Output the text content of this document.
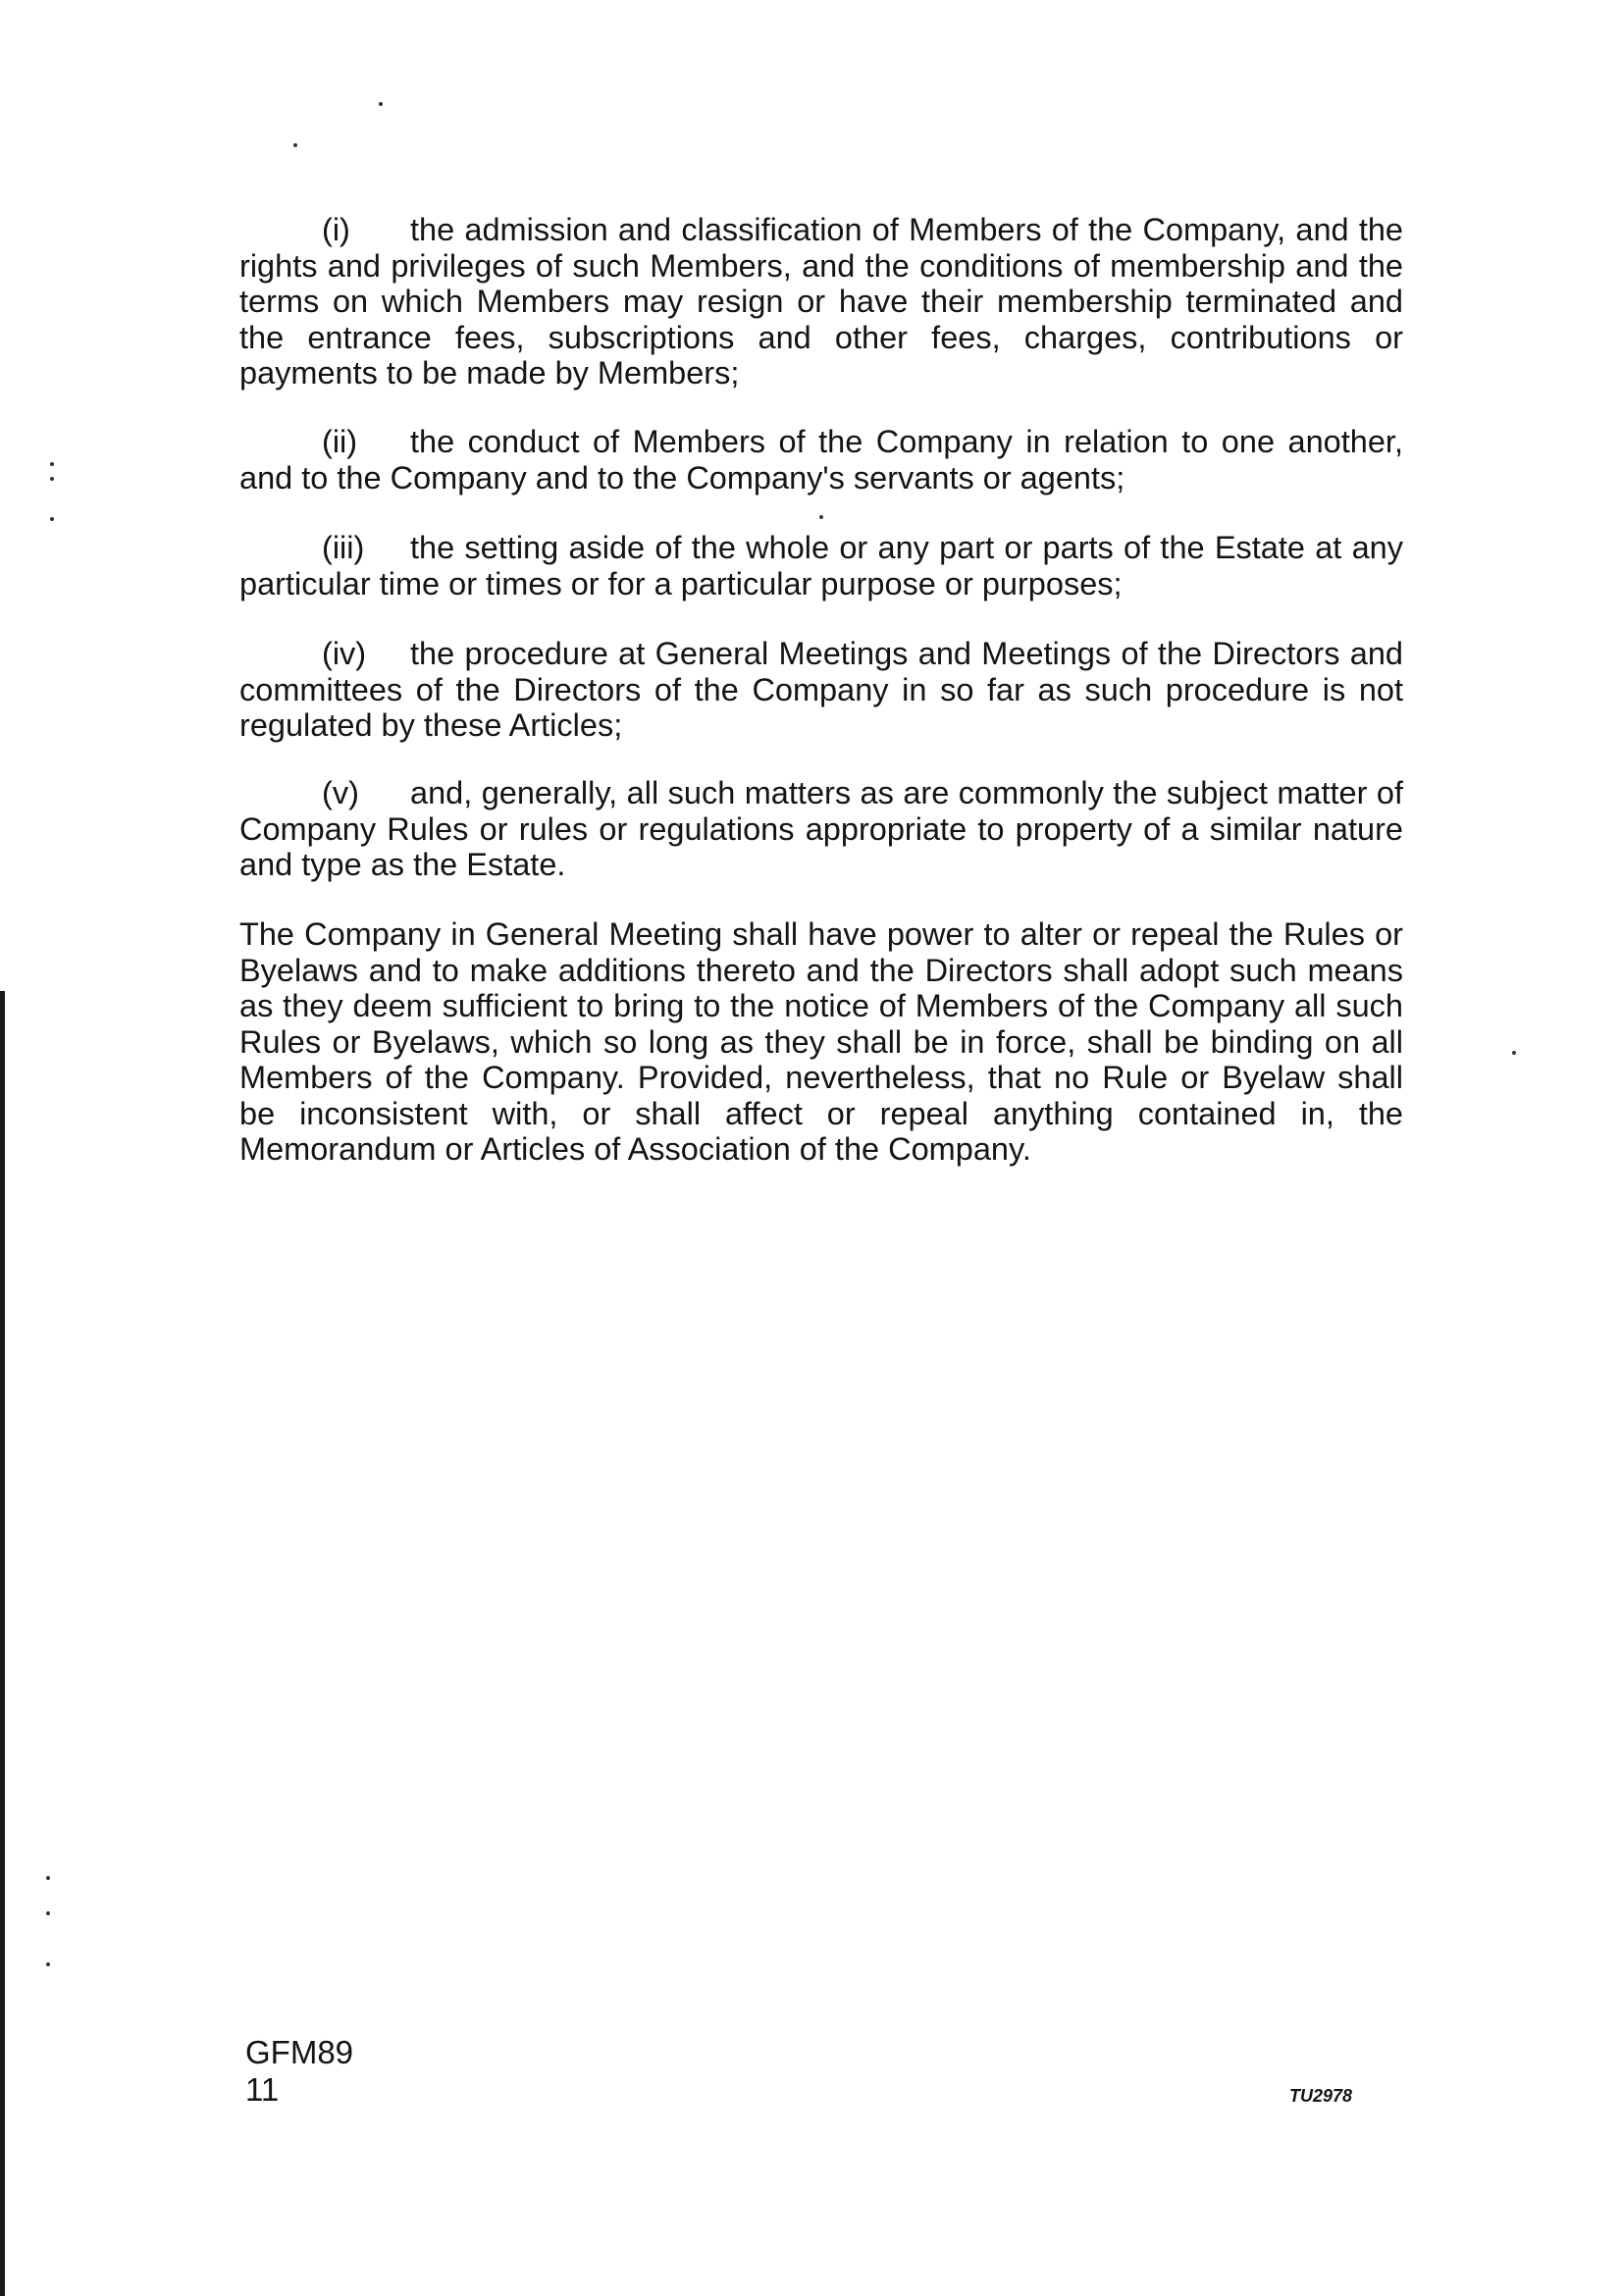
(i) the admission and classification of Members of the Company, and the rights and privileges of such Members, and the conditions of membership and the terms on which Members may resign or have their membership terminated and the entrance fees, subscriptions and other fees, charges, contributions or payments to be made by Members;

(ii) the conduct of Members of the Company in relation to one another, and to the Company and to the Company's servants or agents;

(iii) the setting aside of the whole or any part or parts of the Estate at any particular time or times or for a particular purpose or purposes;

(iv) the procedure at General Meetings and Meetings of the Directors and committees of the Directors of the Company in so far as such procedure is not regulated by these Articles;

(v) and, generally, all such matters as are commonly the subject matter of Company Rules or rules or regulations appropriate to property of a similar nature and type as the Estate.

The Company in General Meeting shall have power to alter or repeal the Rules or Byelaws and to make additions thereto and the Directors shall adopt such means as they deem sufficient to bring to the notice of Members of the Company all such Rules or Byelaws, which so long as they shall be in force, shall be binding on all Members of the Company. Provided, nevertheless, that no Rule or Byelaw shall be inconsistent with, or shall affect or repeal anything contained in, the Memorandum or Articles of Association of the Company.

GFM89
11	TU2978
